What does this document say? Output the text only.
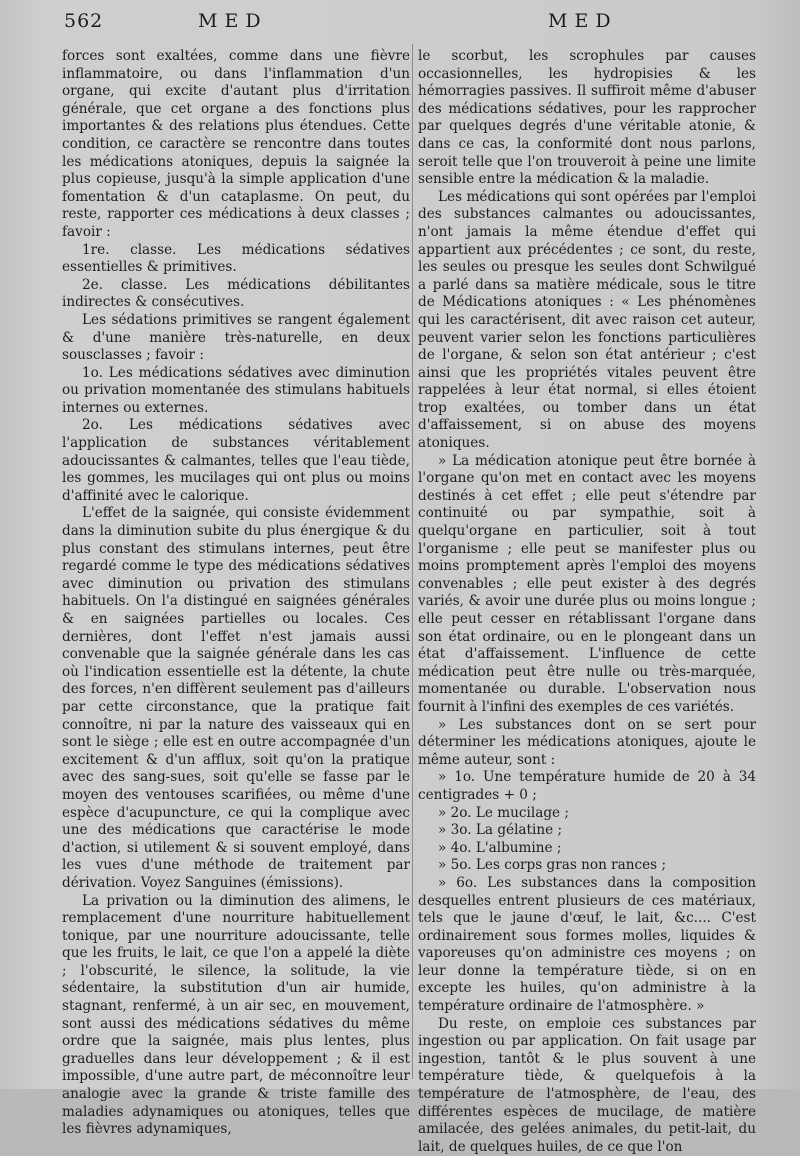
562	MED	MED

forces sont exaltées, comme dans une fièvre inflammatoire, ou dans l'inflammation d'un organe, qui excite d'autant plus d'irritation générale, que cet organe a des fonctions plus importantes & des relations plus étendues. Cette condition, ce caractère se rencontre dans toutes les médications atoniques, depuis la saignée la plus copieuse, jusqu'à la simple application d'une fomentation & d'un cataplasme. On peut, du reste, rapporter ces médications à deux classes ; favoir :

1re. classe. Les médications sédatives essentielles & primitives.

2e. classe. Les médications débilitantes indirectes & consécutives.

Les sédations primitives se rangent également & d'une manière très-naturelle, en deux sousclasses ; favoir :

1o. Les médications sédatives avec diminution ou privation momentanée des stimulans habituels internes ou externes.

2o. Les médications sédatives avec l'application de substances véritablement adoucissantes & calmantes, telles que l'eau tiède, les gommes, les mucilages qui ont plus ou moins d'affinité avec le calorique.

L'effet de la saignée, qui consiste évidemment dans la diminution subite du plus énergique & du plus constant des stimulans internes, peut être regardé comme le type des médications sédatives avec diminution ou privation des stimulans habituels. On l'a distingué en saignées générales & en saignées partielles ou locales. Ces dernières, dont l'effet n'est jamais aussi convenable que la saignée générale dans les cas où l'indication essentielle est la détente, la chute des forces, n'en diffèrent seulement pas d'ailleurs par cette circonstance, que la pratique fait connoître, ni par la nature des vaisseaux qui en sont le siège ; elle est en outre accompagnée d'un excitement & d'un afflux, soit qu'on la pratique avec des sang-sues, soit qu'elle se fasse par le moyen des ventouses scarifiées, ou même d'une espèce d'acupuncture, ce qui la complique avec une des médications que caractérise le mode d'action, si utilement & si souvent employé, dans les vues d'une méthode de traitement par dérivation. Voyez Sanguines (émissions).

La privation ou la diminution des alimens, le remplacement d'une nourriture habituellement tonique, par une nourriture adoucissante, telle que les fruits, le lait, ce que l'on a appelé la diète ; l'obscurité, le silence, la solitude, la vie sédentaire, la substitution d'un air humide, stagnant, renfermé, à un air sec, en mouvement, sont aussi des médications sédatives du même ordre que la saignée, mais plus lentes, plus graduelles dans leur développement ; & il est impossible, d'une autre part, de méconnoître leur analogie avec la grande & triste famille des maladies adynamiques ou atoniques, telles que les fièvres adynamiques,

le scorbut, les scrophules par causes occasionnelles, les hydropisies & les hémorragies passives. Il suffiroit même d'abuser des médications sédatives, pour les rapprocher par quelques degrés d'une véritable atonie, & dans ce cas, la conformité dont nous parlons, seroit telle que l'on trouveroit à peine une limite sensible entre la médication & la maladie.

Les médications qui sont opérées par l'emploi des substances calmantes ou adoucissantes, n'ont jamais la même étendue d'effet qui appartient aux précédentes ; ce sont, du reste, les seules ou presque les seules dont Schwilgué a parlé dans sa matière médicale, sous le titre de Médications atoniques : « Les phénomènes qui les caractérisent, dit avec raison cet auteur, peuvent varier selon les fonctions particulières de l'organe, & selon son état antérieur ; c'est ainsi que les propriétés vitales peuvent être rappelées à leur état normal, si elles étoient trop exaltées, ou tomber dans un état d'affaissement, si on abuse des moyens atoniques.

» La médication atonique peut être bornée à l'organe qu'on met en contact avec les moyens destinés à cet effet ; elle peut s'étendre par continuité ou par sympathie, soit à quelqu'organe en particulier, soit à tout l'organisme ; elle peut se manifester plus ou moins promptement après l'emploi des moyens convenables ; elle peut exister à des degrés variés, & avoir une durée plus ou moins longue ; elle peut cesser en rétablissant l'organe dans son état ordinaire, ou en le plongeant dans un état d'affaissement. L'influence de cette médication peut être nulle ou très-marquée, momentanée ou durable. L'observation nous fournit à l'infini des exemples de ces variétés.

» Les substances dont on se sert pour déterminer les médications atoniques, ajoute le même auteur, sont :

» 1o. Une température humide de 20 à 34 centigrades + 0 ;

» 2o. Le mucilage ;

» 3o. La gélatine ;

» 4o. L'albumine ;

» 5o. Les corps gras non rances ;

» 6o. Les substances dans la composition desquelles entrent plusieurs de ces matériaux, tels que le jaune d'œuf, le lait, &c.... C'est ordinairement sous formes molles, liquides & vaporeuses qu'on administre ces moyens ; on leur donne la température tiède, si on en excepte les huiles, qu'on administre à la température ordinaire de l'atmosphère. »

Du reste, on emploie ces substances par ingestion ou par application. On fait usage par ingestion, tantôt & le plus souvent à une température tiède, & quelquefois à la température de l'atmosphère, de l'eau, des différentes espèces de mucilage, de matière amilacée, des gelées animales, du petit-lait, du lait, de quelques huiles, de ce que l'on
